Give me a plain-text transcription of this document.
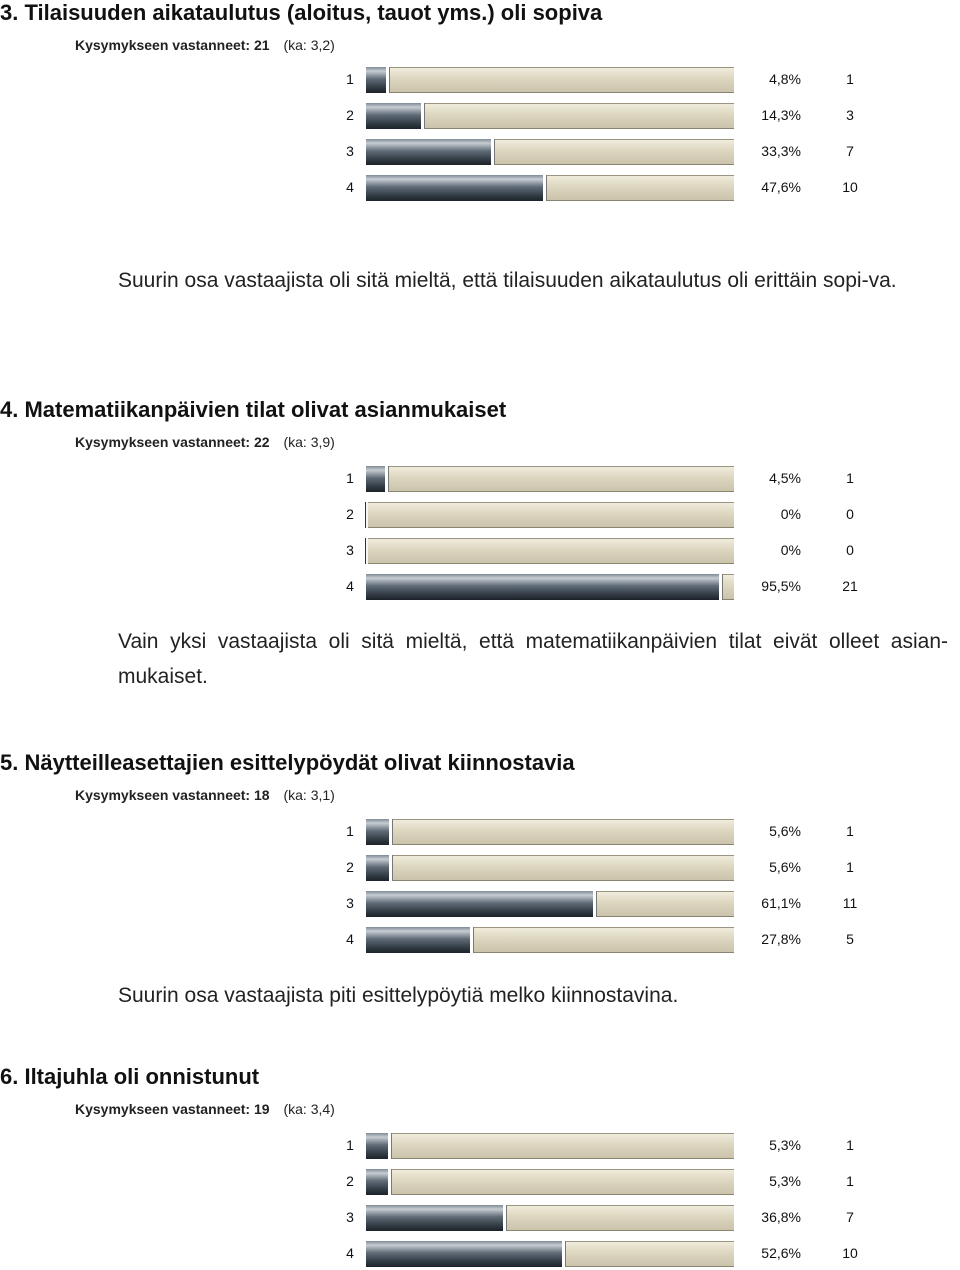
3. Tilaisuuden aikataulutus (aloitus, tauot yms.) oli sopiva
Kysymykseen vastanneet: 21 (ka: 3,2)
1	4,8%	1
2	14,3%	3
3	33,3%	7
4	47,6%	10

Suurin osa vastaajista oli sitä mieltä, että tilaisuuden aikataulutus oli erittäin sopi-va.

4. Matematiikanpäivien tilat olivat asianmukaiset
Kysymykseen vastanneet: 22 (ka: 3,9)
1	4,5%	1
2	0%	0
3	0%	0
4	95,5%	21

Vain yksi vastaajista oli sitä mieltä, että matematiikanpäivien tilat eivät olleet asian-mukaiset.

5. Näytteilleasettajien esittelypöydät olivat kiinnostavia
Kysymykseen vastanneet: 18 (ka: 3,1)
1	5,6%	1
2	5,6%	1
3	61,1%	11
4	27,8%	5

Suurin osa vastaajista piti esittelypöytiä melko kiinnostavina.

6. Iltajuhla oli onnistunut
Kysymykseen vastanneet: 19 (ka: 3,4)
1	5,3%	1
2	5,3%	1
3	36,8%	7
4	52,6%	10
